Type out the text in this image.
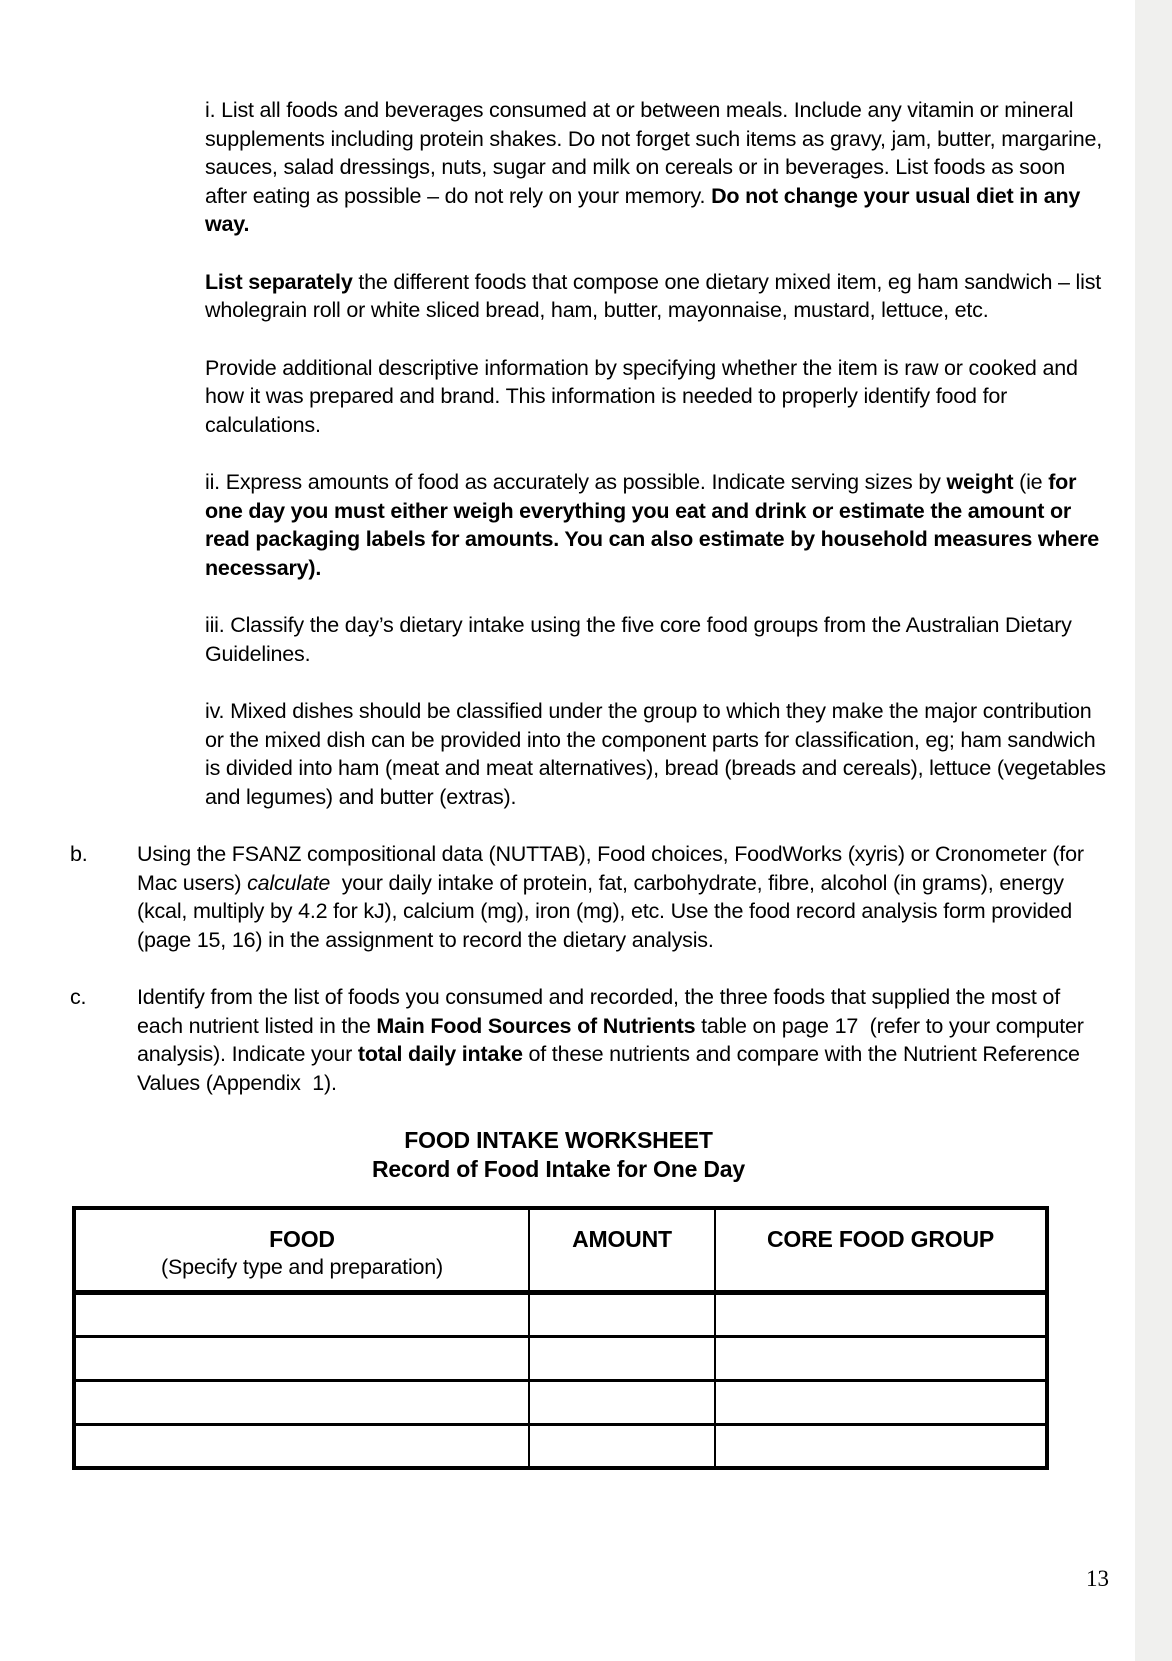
i. List all foods and beverages consumed at or between meals. Include any vitamin or mineral supplements including protein shakes. Do not forget such items as gravy, jam, butter, margarine, sauces, salad dressings, nuts, sugar and milk on cereals or in beverages. List foods as soon after eating as possible – do not rely on your memory. Do not change your usual diet in any way.

List separately the different foods that compose one dietary mixed item, eg ham sandwich – list wholegrain roll or white sliced bread, ham, butter, mayonnaise, mustard, lettuce, etc.

Provide additional descriptive information by specifying whether the item is raw or cooked and how it was prepared and brand. This information is needed to properly identify food for calculations.

ii. Express amounts of food as accurately as possible. Indicate serving sizes by weight (ie for one day you must either weigh everything you eat and drink or estimate the amount or read packaging labels for amounts. You can also estimate by household measures where necessary).

iii. Classify the day’s dietary intake using the five core food groups from the Australian Dietary Guidelines.

iv. Mixed dishes should be classified under the group to which they make the major contribution or the mixed dish can be provided into the component parts for classification, eg; ham sandwich is divided into ham (meat and meat alternatives), bread (breads and cereals), lettuce (vegetables and legumes) and butter (extras).

b.	Using the FSANZ compositional data (NUTTAB), Food choices, FoodWorks (xyris) or Cronometer (for Mac users) calculate  your daily intake of protein, fat, carbohydrate, fibre, alcohol (in grams), energy (kcal, multiply by 4.2 for kJ), calcium (mg), iron (mg), etc. Use the food record analysis form provided (page 15, 16) in the assignment to record the dietary analysis.
c.	Identify from the list of foods you consumed and recorded, the three foods that supplied the most of each nutrient listed in the Main Food Sources of Nutrients table on page 17  (refer to your computer analysis). Indicate your total daily intake of these nutrients and compare with the Nutrient Reference Values (Appendix  1).
FOOD INTAKE WORKSHEET
Record of Food Intake for One Day
FOOD
(Specify type and preparation)	AMOUNT	CORE FOOD GROUP

13
